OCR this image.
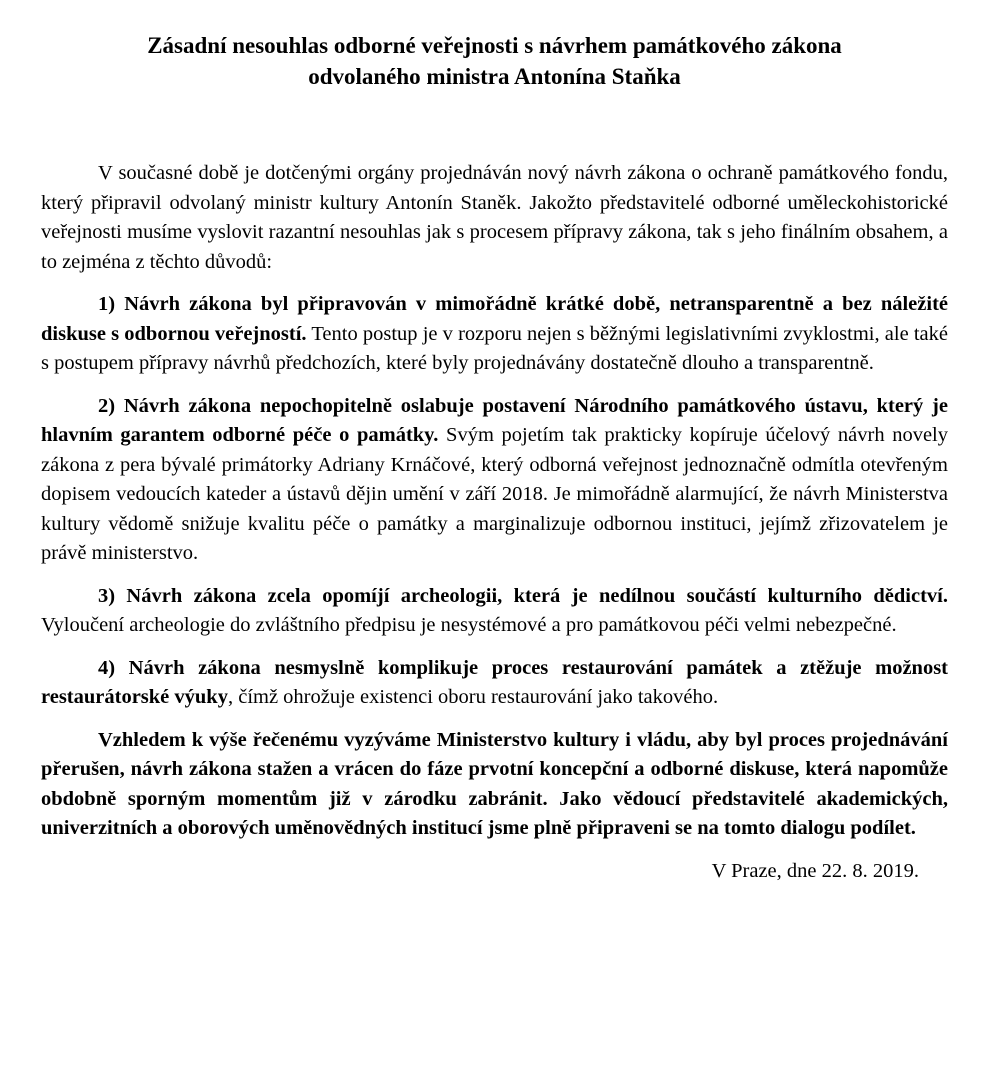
Zásadní nesouhlas odborné veřejnosti s návrhem památkového zákona
odvolaného ministra Antonína Staňka

V současné době je dotčenými orgány projednáván nový návrh zákona o ochraně památkového fondu, který připravil odvolaný ministr kultury Antonín Staněk. Jakožto představitelé odborné uměleckohistorické veřejnosti musíme vyslovit razantní nesouhlas jak s procesem přípravy zákona, tak s jeho finálním obsahem, a to zejména z těchto důvodů:

1) Návrh zákona byl připravován v mimořádně krátké době, netransparentně a bez náležité diskuse s odbornou veřejností. Tento postup je v rozporu nejen s běžnými legislativními zvyklostmi, ale také s postupem přípravy návrhů předchozích, které byly projednávány dostatečně dlouho a transparentně.

2) Návrh zákona nepochopitelně oslabuje postavení Národního památkového ústavu, který je hlavním garantem odborné péče o památky. Svým pojetím tak prakticky kopíruje účelový návrh novely zákona z pera bývalé primátorky Adriany Krnáčové, který odborná veřejnost jednoznačně odmítla otevřeným dopisem vedoucích kateder a ústavů dějin umění v září 2018. Je mimořádně alarmující, že návrh Ministerstva kultury vědomě snižuje kvalitu péče o památky a marginalizuje odbornou instituci, jejímž zřizovatelem je právě ministerstvo.

3) Návrh zákona zcela opomíjí archeologii, která je nedílnou součástí kulturního dědictví. Vyloučení archeologie do zvláštního předpisu je nesystémové a pro památkovou péči velmi nebezpečné.

4) Návrh zákona nesmyslně komplikuje proces restaurování památek a ztěžuje možnost restaurátorské výuky, čímž ohrožuje existenci oboru restaurování jako takového.

Vzhledem k výše řečenému vyzýváme Ministerstvo kultury i vládu, aby byl proces projednávání přerušen, návrh zákona stažen a vrácen do fáze prvotní koncepční a odborné diskuse, která napomůže obdobně sporným momentům již v zárodku zabránit. Jako vědoucí představitelé akademických, univerzitních a oborových uměnovědných institucí jsme plně připraveni se na tomto dialogu podílet.

V Praze, dne 22. 8. 2019.
